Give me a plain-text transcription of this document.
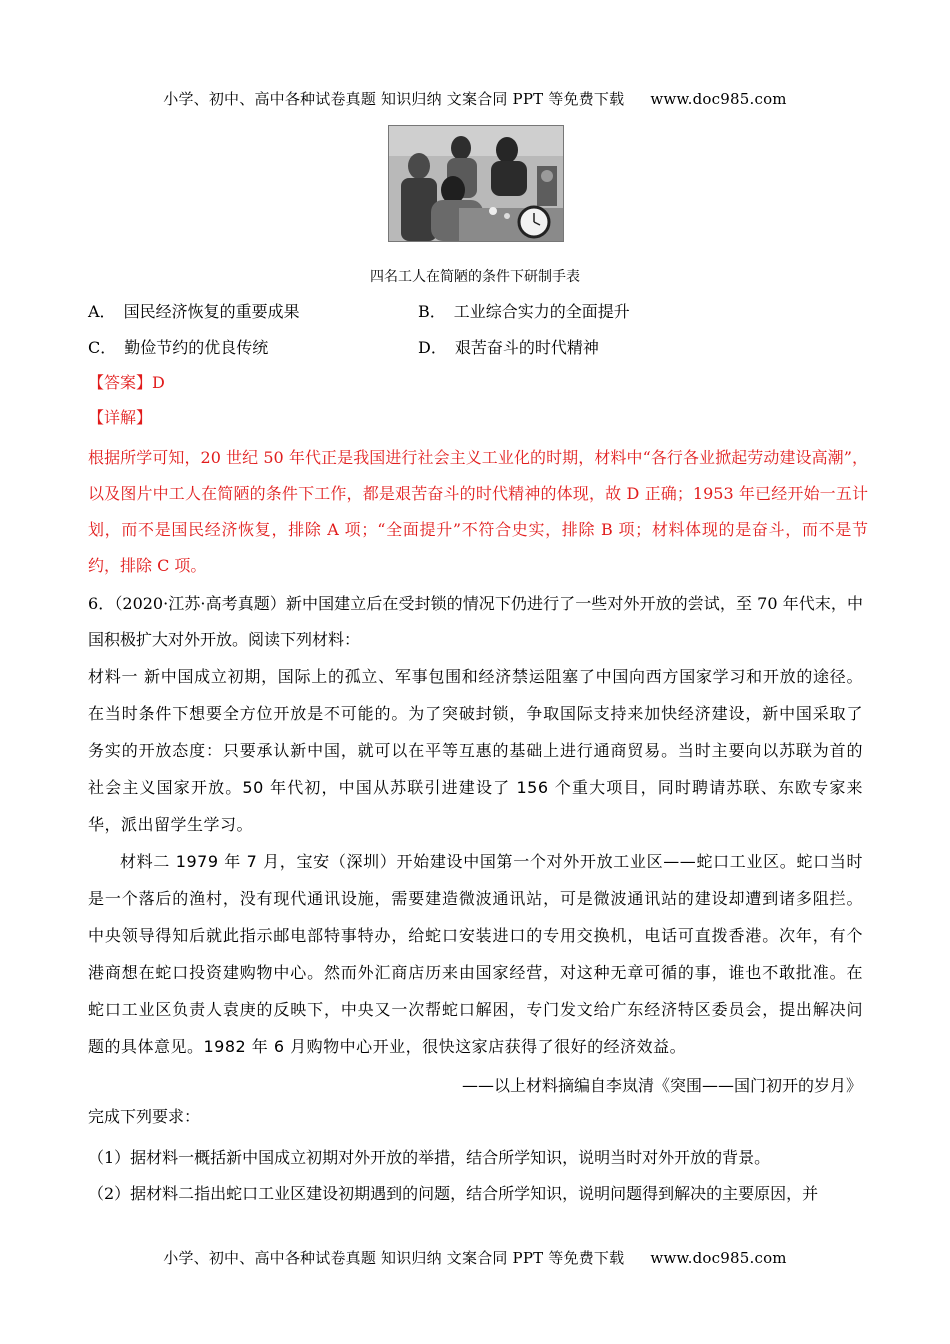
小学、初中、高中各种试卷真题 知识归纳 文案合同 PPT 等免费下载 www.doc985.com
四名工人在简陋的条件下研制手表
A． 国民经济恢复的重要成果	B． 工业综合实力的全面提升
C． 勤俭节约的优良传统	D． 艰苦奋斗的时代精神
【答案】D
【详解】
根据所学可知，20 世纪 50 年代正是我国进行社会主义工业化的时期，材料中“各行各业掀起劳动建设高潮”，以及图片中工人在简陋的条件下工作，都是艰苦奋斗的时代精神的体现，故 D 正确；1953 年已经开始一五计划，而不是国民经济恢复，排除 A 项；“全面提升”不符合史实，排除 B 项；材料体现的是奋斗，而不是节约，排除 C 项。
6．（2020·江苏·高考真题）新中国建立后在受封锁的情况下仍进行了一些对外开放的尝试，至 70 年代末，中国积极扩大对外开放。阅读下列材料：
材料一 新中国成立初期，国际上的孤立、军事包围和经济禁运阻塞了中国向西方国家学习和开放的途径。在当时条件下想要全方位开放是不可能的。为了突破封锁，争取国际支持来加快经济建设，新中国采取了务实的开放态度：只要承认新中国，就可以在平等互惠的基础上进行通商贸易。当时主要向以苏联为首的社会主义国家开放。50 年代初，中国从苏联引进建设了 156 个重大项目，同时聘请苏联、东欧专家来华，派出留学生学习。
材料二 1979 年 7 月，宝安（深圳）开始建设中国第一个对外开放工业区——蛇口工业区。蛇口当时是一个落后的渔村，没有现代通讯设施，需要建造微波通讯站，可是微波通讯站的建设却遭到诸多阻拦。中央领导得知后就此指示邮电部特事特办，给蛇口安装进口的专用交换机，电话可直拨香港。次年，有个港商想在蛇口投资建购物中心。然而外汇商店历来由国家经营，对这种无章可循的事，谁也不敢批准。在蛇口工业区负责人袁庚的反映下，中央又一次帮蛇口解困，专门发文给广东经济特区委员会，提出解决问题的具体意见。1982 年 6 月购物中心开业，很快这家店获得了很好的经济效益。
——以上材料摘编自李岚清《突围——国门初开的岁月》
完成下列要求：
（1）据材料一概括新中国成立初期对外开放的举措，结合所学知识，说明当时对外开放的背景。
（2）据材料二指出蛇口工业区建设初期遇到的问题，结合所学知识，说明问题得到解决的主要原因，并
小学、初中、高中各种试卷真题 知识归纳 文案合同 PPT 等免费下载 www.doc985.com
